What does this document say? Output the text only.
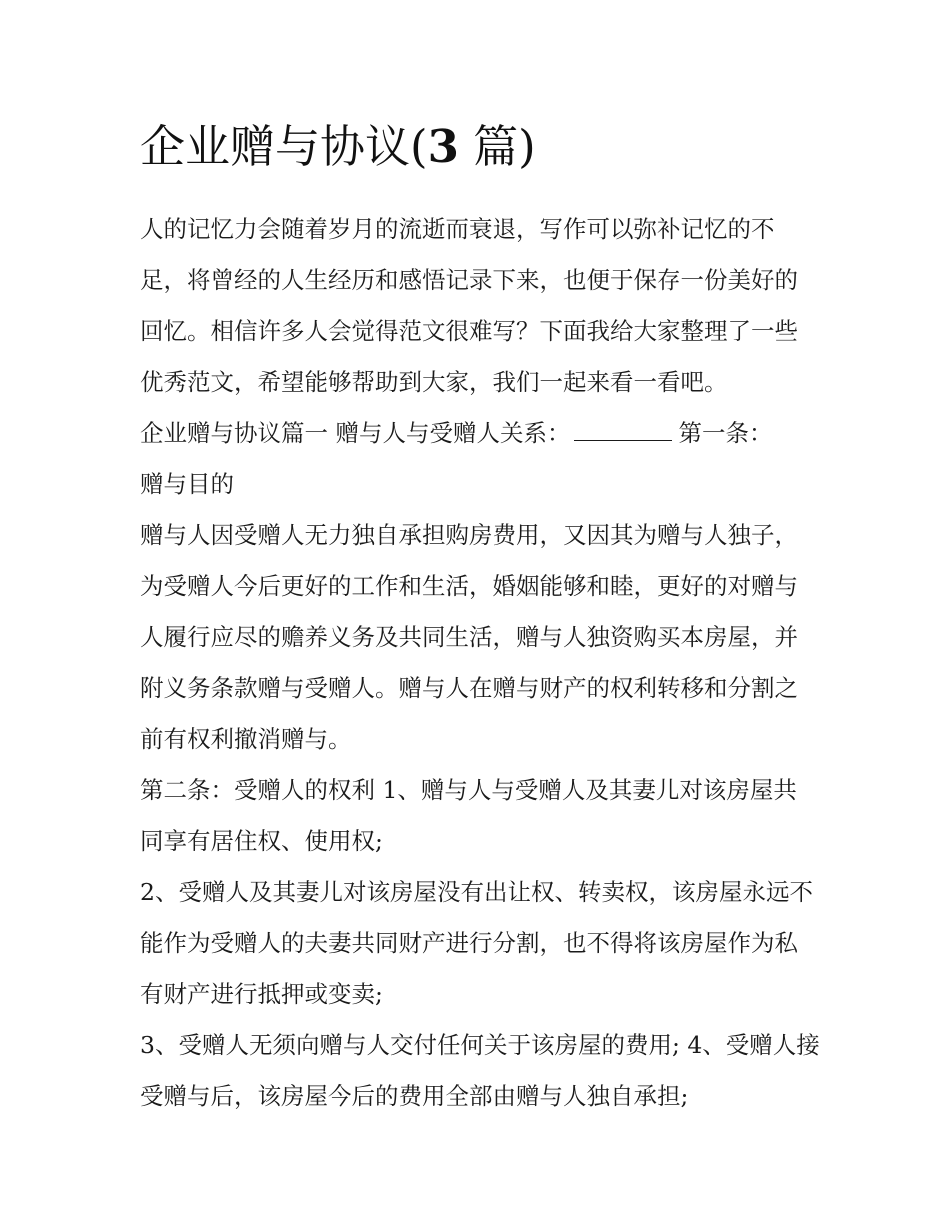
企业赠与协议(3 篇)

人的记忆力会随着岁月的流逝而衰退，写作可以弥补记忆的不足，将曾经的人生经历和感悟记录下来，也便于保存一份美好的回忆。相信许多人会觉得范文很难写？下面我给大家整理了一些优秀范文，希望能够帮助到大家，我们一起来看一看吧。

企业赠与协议篇一 赠与人与受赠人关系：	第一条：
赠与目的

赠与人因受赠人无力独自承担购房费用，又因其为赠与人独子，为受赠人今后更好的工作和生活，婚姻能够和睦，更好的对赠与人履行应尽的赡养义务及共同生活，赠与人独资购买本房屋，并附义务条款赠与受赠人。赠与人在赠与财产的权利转移和分割之前有权利撤消赠与。

第二条：受赠人的权利 1、赠与人与受赠人及其妻儿对该房屋共同享有居住权、使用权;

2、受赠人及其妻儿对该房屋没有出让权、转卖权，该房屋永远不能作为受赠人的夫妻共同财产进行分割，也不得将该房屋作为私有财产进行抵押或变卖;

3、受赠人无须向赠与人交付任何关于该房屋的费用; 4、受赠人接受赠与后，该房屋今后的费用全部由赠与人独自承担;
